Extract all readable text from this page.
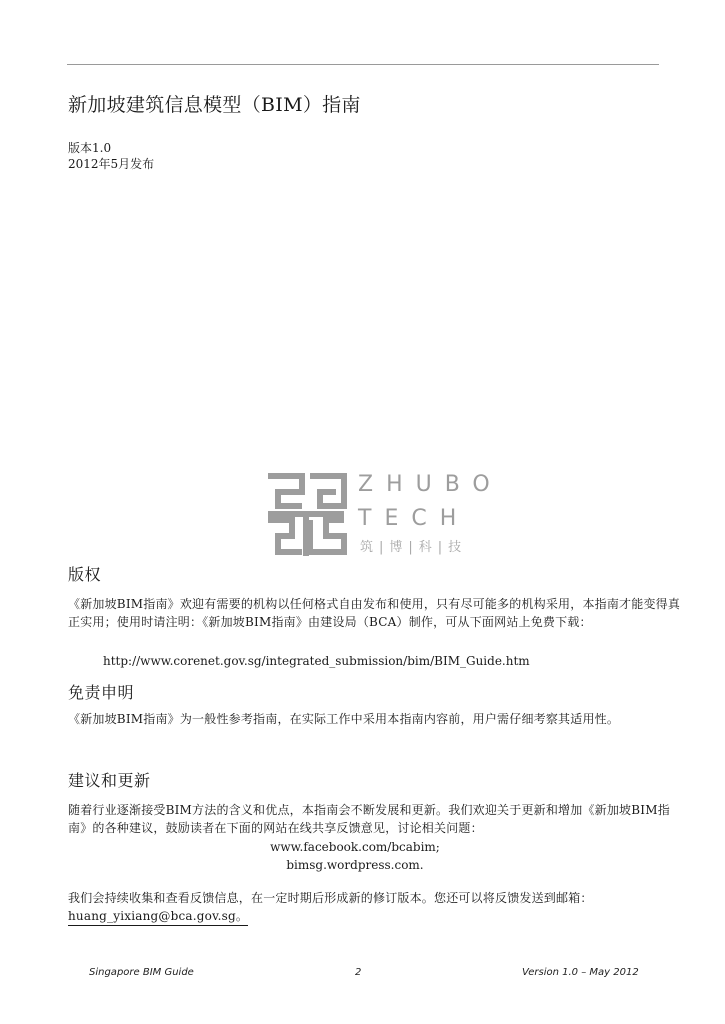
新加坡建筑信息模型（BIM）指南
版本1.0
2012年5月发布
ZHUBO
TECH
筑|博|科|技
版权
《新加坡BIM指南》欢迎有需要的机构以任何格式自由发布和使用，只有尽可能多的机构采用，本指南才能变得真正实用；使用时请注明：《新加坡BIM指南》由建设局（BCA）制作，可从下面网站上免费下载：
http://www.corenet.gov.sg/integrated_submission/bim/BIM_Guide.htm
免责申明
《新加坡BIM指南》为一般性参考指南，在实际工作中采用本指南内容前，用户需仔细考察其适用性。
建议和更新
随着行业逐渐接受BIM方法的含义和优点，本指南会不断发展和更新。我们欢迎关于更新和增加《新加坡BIM指南》的各种建议，鼓励读者在下面的网站在线共享反馈意见，讨论相关问题：
www.facebook.com/bcabim;
bimsg.wordpress.com.
我们会持续收集和查看反馈信息，在一定时期后形成新的修订版本。您还可以将反馈发送到邮箱：
huang_yixiang@bca.gov.sg。
Singapore BIM Guide	2	Version 1.0 – May 2012
